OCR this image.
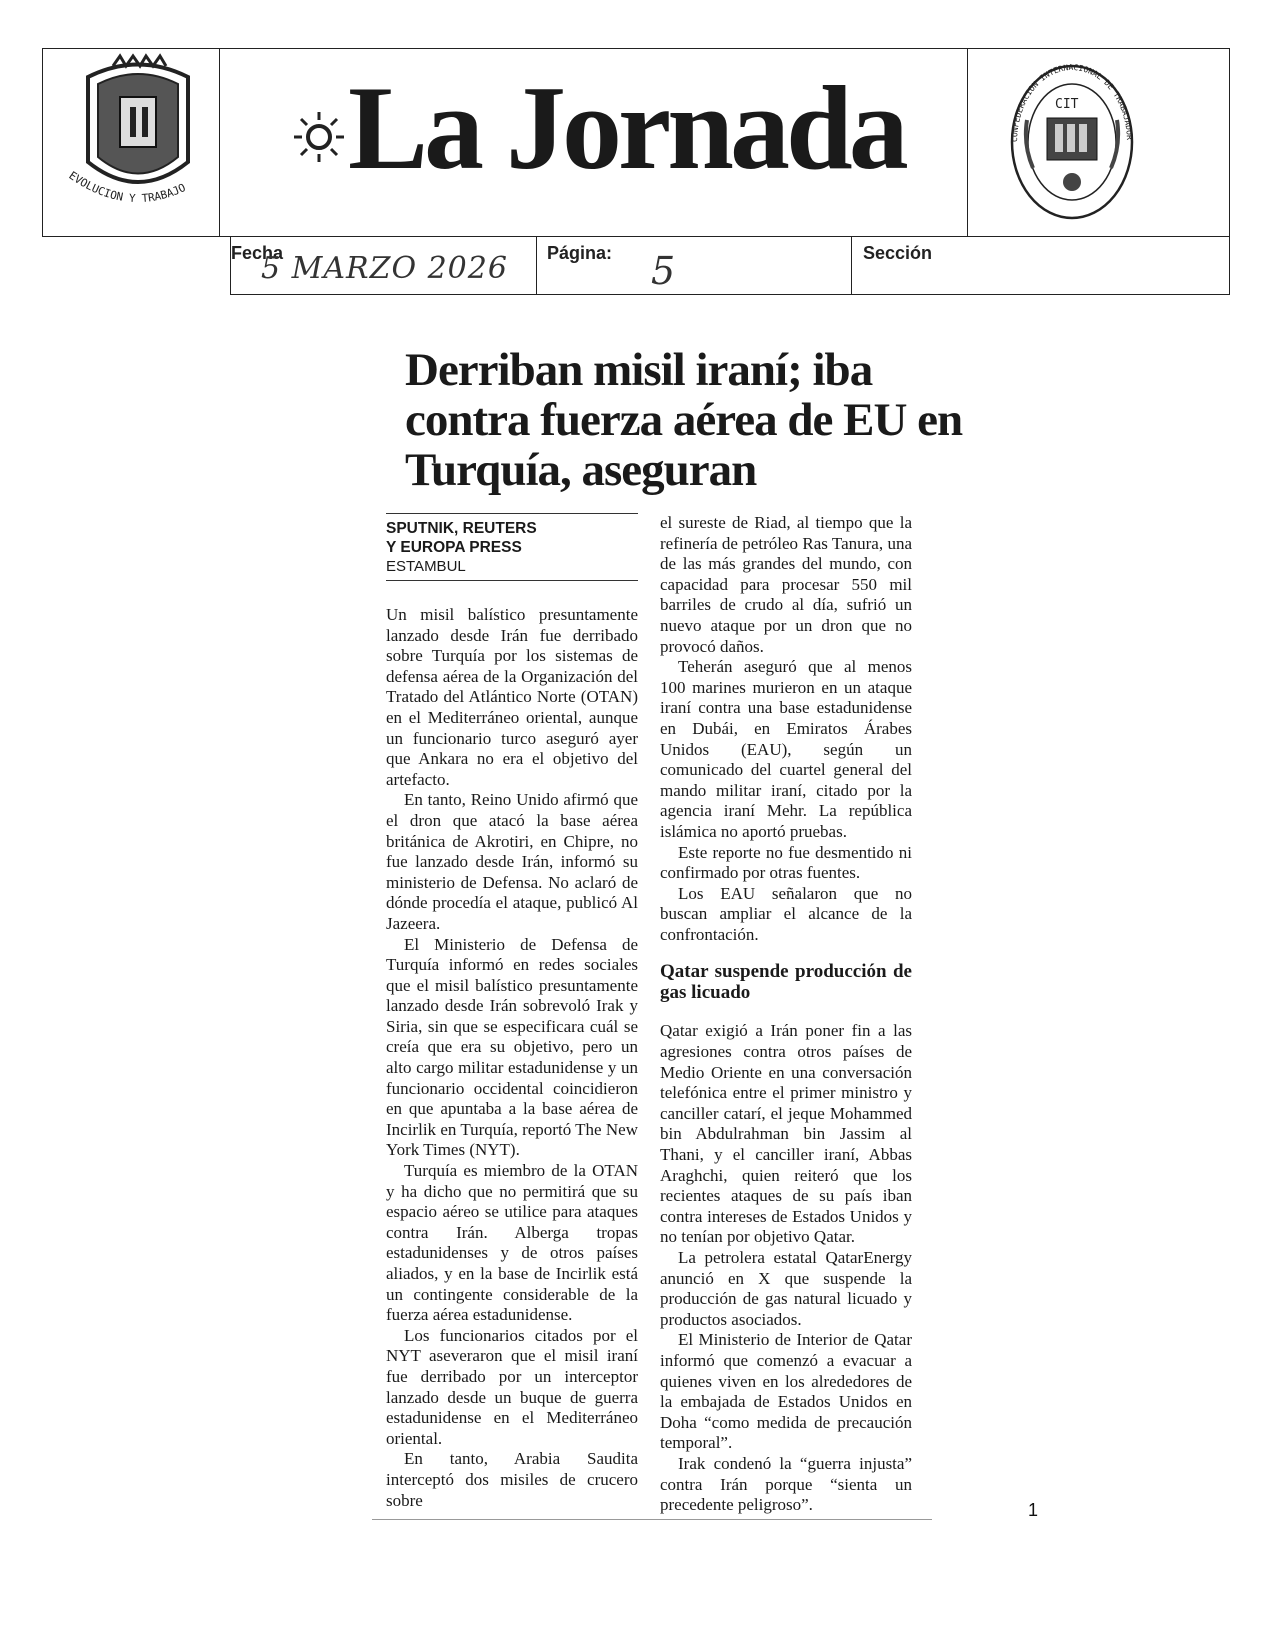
EVOLUCION Y TRABAJO La Jornada	CIT
CONFEDERACION INTERNACIONAL DE TRABAJADOR
Fecha
5 MARZO 2026 Página: 5	Sección
Derriban misil iraní; iba contra fuerza aérea de EU en Turquía, aseguran
SPUTNIK, REUTERS
Y EUROPA PRESS
ESTAMBUL

Un misil balístico presuntamente lanzado desde Irán fue derribado sobre Turquía por los sistemas de defensa aérea de la Organización del Tratado del Atlántico Norte (OTAN) en el Mediterráneo oriental, aunque un funcionario turco aseguró ayer que Ankara no era el objetivo del artefacto.

En tanto, Reino Unido afirmó que el dron que atacó la base aérea británica de Akrotiri, en Chipre, no fue lanzado desde Irán, informó su ministerio de Defensa. No aclaró de dónde procedía el ataque, publicó Al Jazeera.

El Ministerio de Defensa de Turquía informó en redes sociales que el misil balístico presuntamente lanzado desde Irán sobrevoló Irak y Siria, sin que se especificara cuál se creía que era su objetivo, pero un alto cargo militar estadunidense y un funcionario occidental coincidieron en que apuntaba a la base aérea de Incirlik en Turquía, reportó The New York Times (NYT).

Turquía es miembro de la OTAN y ha dicho que no permitirá que su espacio aéreo se utilice para ataques contra Irán. Alberga tropas estadunidenses y de otros países aliados, y en la base de Incirlik está un contingente considerable de la fuerza aérea estadunidense.

Los funcionarios citados por el NYT aseveraron que el misil iraní fue derribado por un interceptor lanzado desde un buque de guerra estadunidense en el Mediterráneo oriental.

En tanto, Arabia Saudita interceptó dos misiles de crucero sobre

el sureste de Riad, al tiempo que la refinería de petróleo Ras Tanura, una de las más grandes del mundo, con capacidad para procesar 550 mil barriles de crudo al día, sufrió un nuevo ataque por un dron que no provocó daños.

Teherán aseguró que al menos 100 marines murieron en un ataque iraní contra una base estadunidense en Dubái, en Emiratos Árabes Unidos (EAU), según un comunicado del cuartel general del mando militar iraní, citado por la agencia iraní Mehr. La república islámica no aportó pruebas.

Este reporte no fue desmentido ni confirmado por otras fuentes.

Los EAU señalaron que no buscan ampliar el alcance de la confrontación.

Qatar suspende producción de gas licuado

Qatar exigió a Irán poner fin a las agresiones contra otros países de Medio Oriente en una conversación telefónica entre el primer ministro y canciller catarí, el jeque Mohammed bin Abdulrahman bin Jassim al Thani, y el canciller iraní, Abbas Araghchi, quien reiteró que los recientes ataques de su país iban contra intereses de Estados Unidos y no tenían por objetivo Qatar.

La petrolera estatal QatarEnergy anunció en X que suspende la producción de gas natural licuado y productos asociados.

El Ministerio de Interior de Qatar informó que comenzó a evacuar a quienes viven en los alrededores de la embajada de Estados Unidos en Doha “como medida de precaución temporal”.

Irak condenó la “guerra injusta” contra Irán porque “sienta un precedente peligroso”.	1
